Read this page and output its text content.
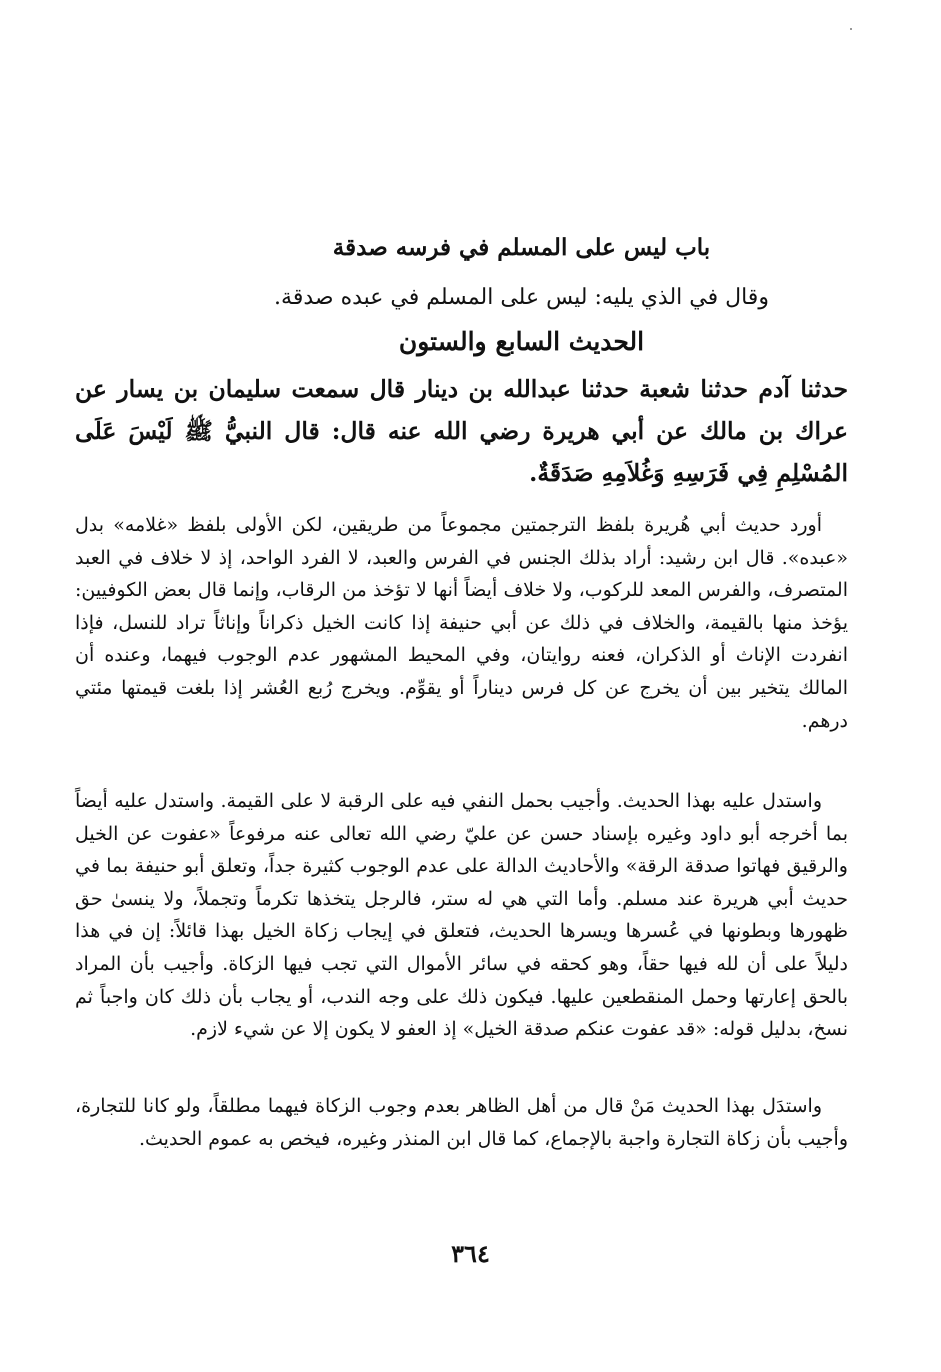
باب ليس على المسلم في فرسه صدقة
وقال في الذي يليه: ليس على المسلم في عبده صدقة.
الحديث السابع والستون
حدثنا آدم حدثنا شعبة حدثنا عبدالله بن دينار قال سمعت سليمان بن يسار عن عراك بن مالك عن أبي هريرة رضي الله عنه قال: قال النبيُّ ﷺ لَيْسَ عَلَى المُسْلِمِ فِي فَرَسِهِ وَغُلاَمِهِ صَدَقَةٌ.
أورد حديث أبي هُريرة بلفظ الترجمتين مجموعاً من طريقين، لكن الأولى بلفظ «غلامه» بدل «عبده». قال ابن رشيد: أراد بذلك الجنس في الفرس والعبد، لا الفرد الواحد، إذ لا خلاف في العبد المتصرف، والفرس المعد للركوب، ولا خلاف أيضاً أنها لا تؤخذ من الرقاب، وإنما قال بعض الكوفيين: يؤخذ منها بالقيمة، والخلاف في ذلك عن أبي حنيفة إذا كانت الخيل ذكراناً وإناثاً تراد للنسل، فإذا انفردت الإناث أو الذكران، فعنه روايتان، وفي المحيط المشهور عدم الوجوب فيهما، وعنده أن المالك يتخير بين أن يخرج عن كل فرس ديناراً أو يقوِّم. ويخرج رُبع العُشر إذا بلغت قيمتها مئتي درهم.
واستدل عليه بهذا الحديث. وأجيب بحمل النفي فيه على الرقبة لا على القيمة. واستدل عليه أيضاً بما أخرجه أبو داود وغيره بإسناد حسن عن عليّ رضي الله تعالى عنه مرفوعاً «عفوت عن الخيل والرقيق فهاتوا صدقة الرقة» والأحاديث الدالة على عدم الوجوب كثيرة جداً، وتعلق أبو حنيفة بما في حديث أبي هريرة عند مسلم. وأما التي هي له ستر، فالرجل يتخذها تكرماً وتجملاً، ولا ينسىٰ حق ظهورها وبطونها في عُسرها ويسرها الحديث، فتعلق في إيجاب زكاة الخيل بهذا قائلاً: إن في هذا دليلاً على أن لله فيها حقاً، وهو كحقه في سائر الأموال التي تجب فيها الزكاة. وأجيب بأن المراد بالحق إعارتها وحمل المنقطعين عليها. فيكون ذلك على وجه الندب، أو يجاب بأن ذلك كان واجباً ثم نسخ، بدليل قوله: «قد عفوت عنكم صدقة الخيل» إذ العفو لا يكون إلا عن شيء لازم.
واستدَل بهذا الحديث مَنْ قال من أهل الظاهر بعدم وجوب الزكاة فيهما مطلقاً، ولو كانا للتجارة، وأجيب بأن زكاة التجارة واجبة بالإجماع، كما قال ابن المنذر وغيره، فيخص به عموم الحديث.
٣٦٤
